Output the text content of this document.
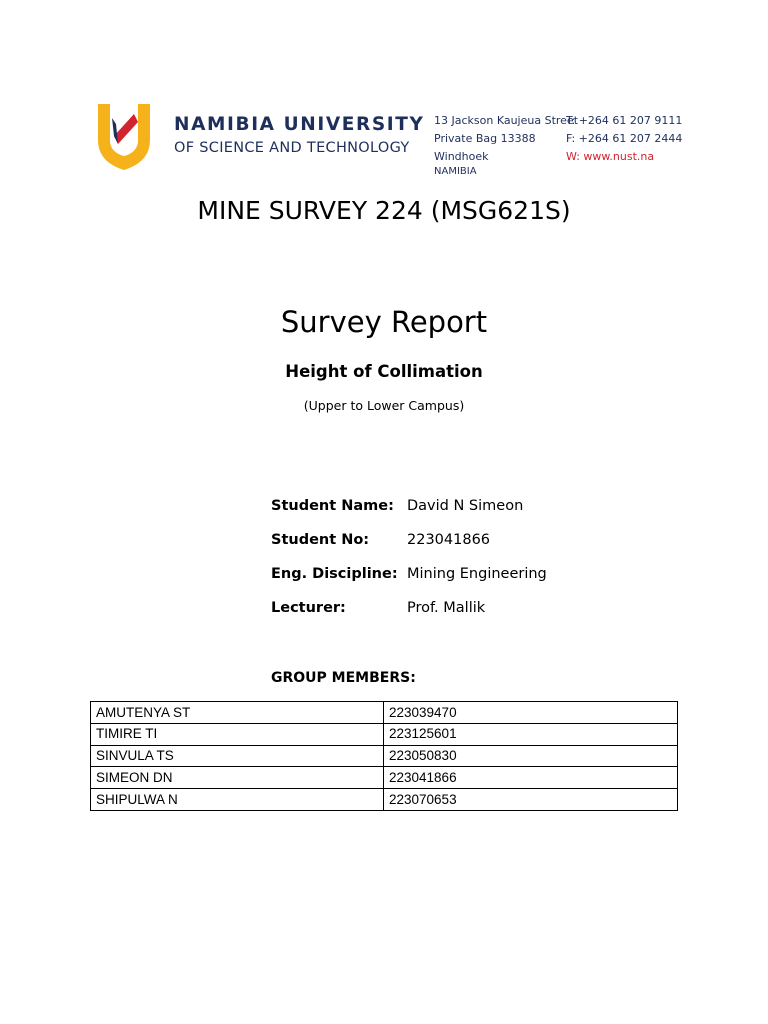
NAMIBIA UNIVERSITY
OF SCIENCE AND TECHNOLOGY
13 Jackson Kaujeua Street
Private Bag 13388
Windhoek
NAMIBIA
T: +264 61 207 9111
F: +264 61 207 2444
W: www.nust.na
MINE SURVEY 224 (MSG621S)
Survey Report
Height of Collimation
(Upper to Lower Campus)
Student Name: David N Simeon
Student No:	223041866
Eng. Discipline: Mining Engineering
Lecturer:	Prof. Mallik
GROUP MEMBERS:
AMUTENYA ST	223039470
TIMIRE TI	223125601
SINVULA TS	223050830
SIMEON DN	223041866
SHIPULWA N	223070653
